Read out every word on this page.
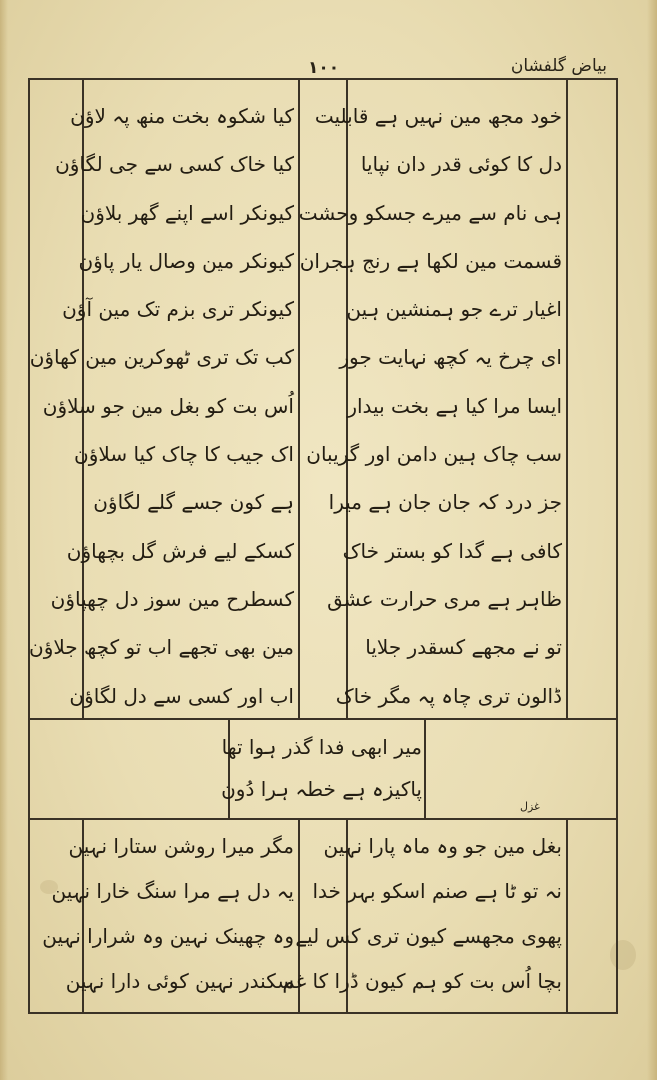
بیاض گلفشان
۱۰۰
خود مجھ مین نہیں ہے قابلیت
دل کا کوئی قدر دان نپایا
ہی نام سے میرے جسکو وحشت
قسمت مین لکھا ہے رنج ہجران
اغیار ترے جو ہمنشین ہین
ای چرخ یہ کچھ نہایت جور
ایسا مرا کیا ہے بخت بیدار
سب چاک ہین دامن اور گریبان
جز درد کہ جان جان ہے میرا
کافی ہے گدا کو بستر خاک
ظاہر ہے مری حرارت عشق
تو نے مجھے کسقدر جلایا
ڈالون تری چاہ پہ مگر خاک
کیا شکوہ بخت منھ پہ لاؤن
کیا خاک کسی سے جی لگاؤن
کیونکر اسے اپنے گھر بلاؤن
کیونکر مین وصال یار پاؤن
کیونکر تری بزم تک مین آؤن
کب تک تری ٹھوکرین مین کھاؤن
اُس بت کو بغل مین جو سلاؤن
اک جیب کا چاک کیا سلاؤن
ہے کون جسے گلے لگاؤن
کسکے لیے فرش گل بچھاؤن
کسطرح مین سوز دل چھپاؤن
مین بھی تجھے اب تو کچھ جلاؤن
اب اور کسی سے دل لگاؤن
میر ابھی فدا گذر ہوا تھا
پاکیزہ ہے خطہ ہرا دُون
غزل
بغل مین جو وہ ماہ پارا نہین
نہ تو ٹا ہے صنم اسکو بہر خدا
پھوی مجھسے کیون تری کس لیے
بچا اُس بت کو ہم کیون ڈرا کا غم
مگر میرا روشن ستارا نہین
یہ دل ہے مرا سنگ خارا نہین
وہ چھینک نہین وہ شرارا نہین
سکندر نہین کوئی دارا نہین
